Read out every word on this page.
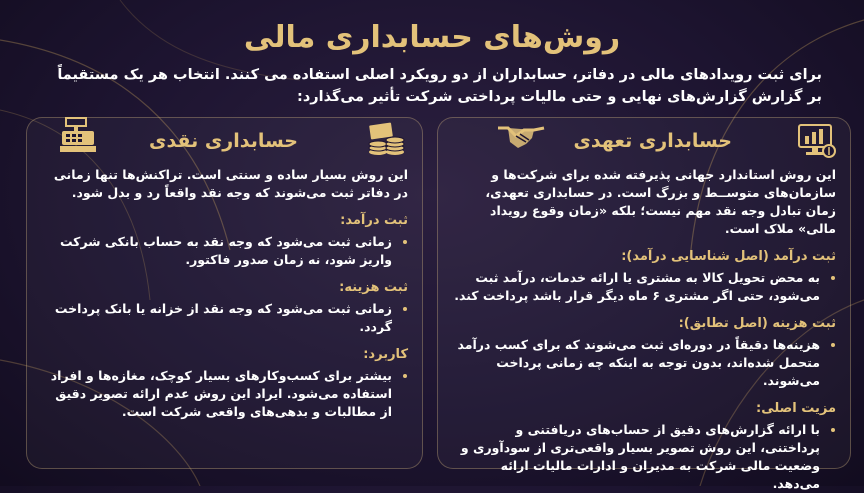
روش‌های حسابداری مالی
برای ثبت رویدادهای مالی در دفاتر، حسابداران از دو رویکرد اصلی استفاده می کنند. انتخاب هر یک مستقیماً بر گزارش گزارش‌های نهایی و حتی مالیات پرداختی شرکت تأثیر می‌گذارد:
حسابداری تعهدی
این روش استاندارد جهانی پذیرفته شده برای شرکت‌ها و سازمان‌های متوســط و بزرگ است. در حسابداری تعهدی، زمان تبادل وجه نقد مهم نیست؛ بلکه «زمان وقوع رویداد مالی» ملاک است.
ثبت درآمد (اصل شناسایی درآمد):
• به محض تحویل کالا به مشتری یا ارائه خدمات، درآمد ثبت می‌شود، حتی اگر مشتری ۶ ماه دیگر قرار باشد پرداخت کند.
ثبت هزینه (اصل تطابق):
• هزینه‌ها دقیقاً در دوره‌ای ثبت می‌شوند که برای کسب درآمد متحمل شده‌اند، بدون توجه به اینکه چه زمانی پرداخت می‌شوند.
مزیت اصلی:
• با ارائه گزارش‌های دقیق از حساب‌های دریافتنی و پرداختنی، این روش تصویر بسیار واقعی‌تری از سودآوری و وضعیت مالی شرکت به مدیران و ادارات مالیات ارائه می‌دهد.
حسابداری نقدی
این روش بسیار ساده و سنتی است. تراکنش‌ها تنها زمانی در دفاتر ثبت می‌شوند که وجه نقد واقعاً رد و بدل شود.
ثبت درآمد:
• زمانی ثبت می‌شود که وجه نقد به حساب بانکی شرکت واریز شود، نه زمان صدور فاکتور.
ثبت هزینه:
• زمانی ثبت می‌شود که وجه نقد از خزانه یا بانک پرداخت گردد.
کاربرد:
• بیشتر برای کسب‌وکارهای بسیار کوچک، مغازه‌ها و افراد استفاده می‌شود. ایراد این روش عدم ارائه تصویر دقیق از مطالبات و بدهی‌های واقعی شرکت است.
